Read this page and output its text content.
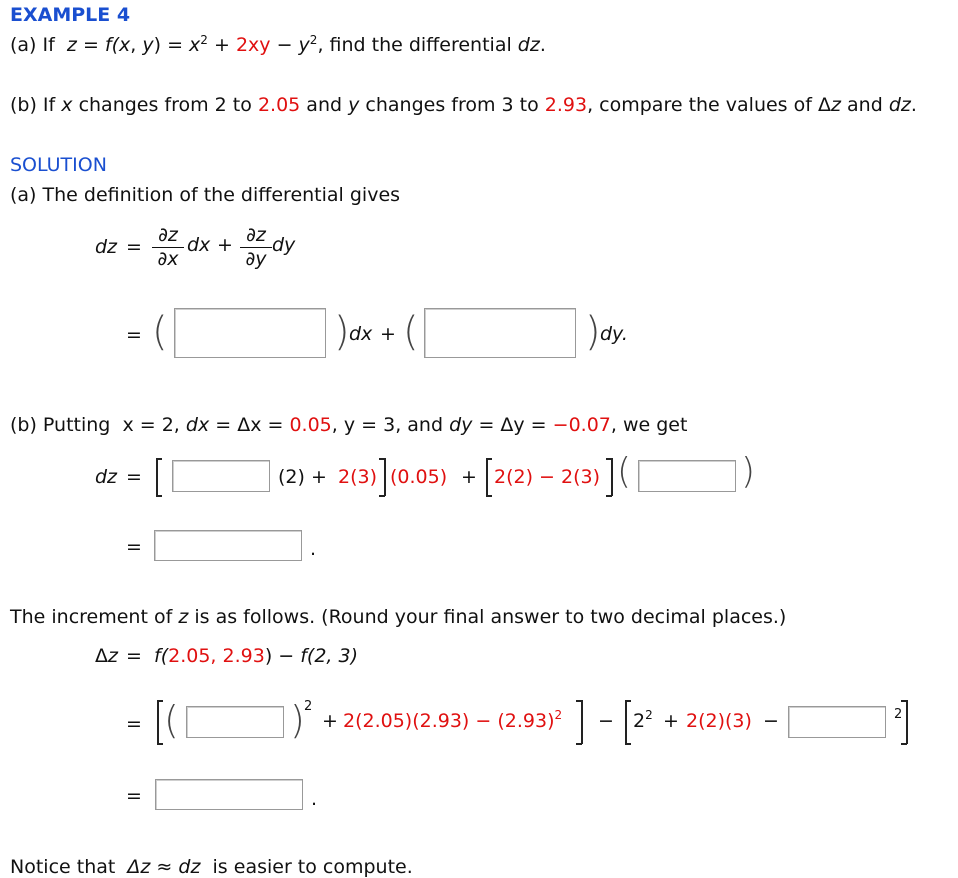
EXAMPLE 4
(a) If z = f(x, $y) = x^2 + 2xy - y^2$, find the differential dz.
(b) If x changes from 2 to 2.05 and y changes from 3 to 2.93, compare the values of Δz and dz.
SOLUTION
(a) The definition of the differential gives
dz =
∂z
∂x
dx + ∂z
∂y
dy
= (	) dx + (	) dy.
(b) Putting x = 2, dx = Δx = 0.05, y = 3, and dy = Δy = −0.07, we get
dz =	(2) + 2(3) (0.05) + 2(2) − 2(3) (	)
=	.
The increment of z is as follows. (Round your final answer to two decimal places.)
Δz = f(2.05, 2.93) − f(2, 3)
= (	) 2
+ $2(2.05)(2.93) - (2.93)^2 - 2^2 + 2(2)(3)$ −	2
=	.
Notice that Δz ≈ dz is easier to compute.
